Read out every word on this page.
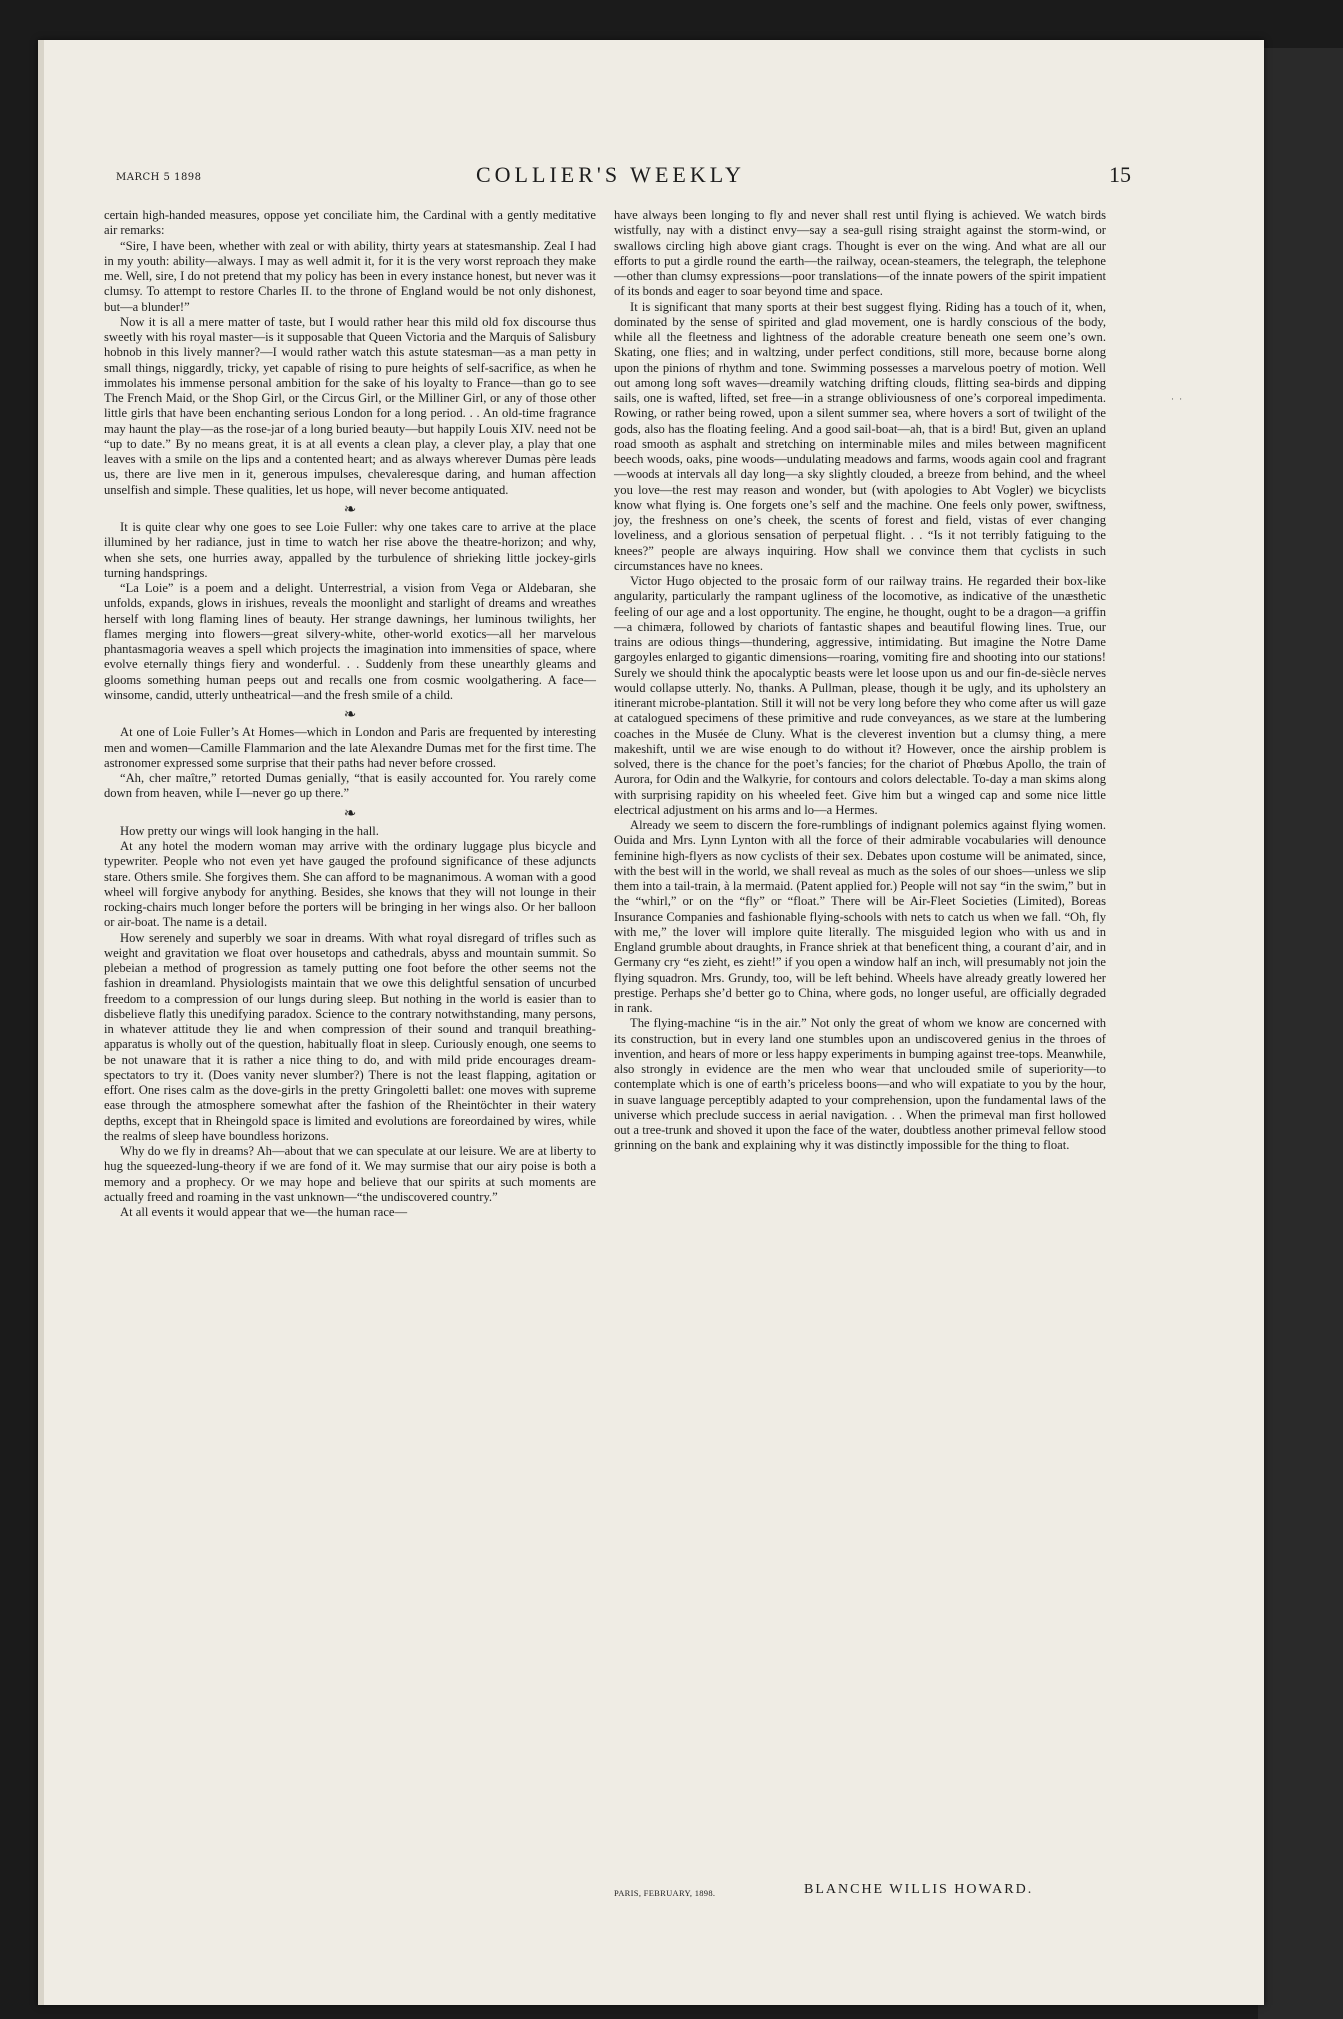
MARCH 5 1898	COLLIER'S WEEKLY	15

certain high-handed measures, oppose yet conciliate him, the Cardinal with a gently meditative air remarks:

“Sire, I have been, whether with zeal or with ability, thirty years at statesmanship. Zeal I had in my youth: ability—always. I may as well admit it, for it is the very worst reproach they make me. Well, sire, I do not pretend that my policy has been in every instance honest, but never was it clumsy. To attempt to restore Charles II. to the throne of England would be not only dishonest, but—a blunder!”

Now it is all a mere matter of taste, but I would rather hear this mild old fox discourse thus sweetly with his royal master—is it supposable that Queen Victoria and the Marquis of Salisbury hobnob in this lively manner?—I would rather watch this astute statesman—as a man petty in small things, niggardly, tricky, yet capable of rising to pure heights of self-sacrifice, as when he immolates his immense personal ambition for the sake of his loyalty to France—than go to see The French Maid, or the Shop Girl, or the Circus Girl, or the Milliner Girl, or any of those other little girls that have been enchanting serious London for a long period. . . An old-time fragrance may haunt the play—as the rose-jar of a long buried beauty—but happily Louis XIV. need not be “up to date.” By no means great, it is at all events a clean play, a clever play, a play that one leaves with a smile on the lips and a contented heart; and as always wherever Dumas père leads us, there are live men in it, generous impulses, chevaleresque daring, and human affection unselfish and simple. These qualities, let us hope, will never become antiquated.

❧

It is quite clear why one goes to see Loie Fuller: why one takes care to arrive at the place illumined by her radiance, just in time to watch her rise above the theatre-horizon; and why, when she sets, one hurries away, appalled by the turbulence of shrieking little jockey-girls turning handsprings.

“La Loie” is a poem and a delight. Unterrestrial, a vision from Vega or Aldebaran, she unfolds, expands, glows in irishues, reveals the moonlight and starlight of dreams and wreathes herself with long flaming lines of beauty. Her strange dawnings, her luminous twilights, her flames merging into flowers—great silvery-white, other-world exotics—all her marvelous phantasmagoria weaves a spell which projects the imagination into immensities of space, where evolve eternally things fiery and wonderful. . . Suddenly from these unearthly gleams and glooms something human peeps out and recalls one from cosmic woolgathering. A face—winsome, candid, utterly untheatrical—and the fresh smile of a child.

❧

At one of Loie Fuller’s At Homes—which in London and Paris are frequented by interesting men and women—Camille Flammarion and the late Alexandre Dumas met for the first time. The astronomer expressed some surprise that their paths had never before crossed.

“Ah, cher maître,” retorted Dumas genially, “that is easily accounted for. You rarely come down from heaven, while I—never go up there.”

❧

How pretty our wings will look hanging in the hall.

At any hotel the modern woman may arrive with the ordinary luggage plus bicycle and typewriter. People who not even yet have gauged the profound significance of these adjuncts stare. Others smile. She forgives them. She can afford to be magnanimous. A woman with a good wheel will forgive anybody for anything. Besides, she knows that they will not lounge in their rocking-chairs much longer before the porters will be bringing in her wings also. Or her balloon or air-boat. The name is a detail.

How serenely and superbly we soar in dreams. With what royal disregard of trifles such as weight and gravitation we float over housetops and cathedrals, abyss and mountain summit. So plebeian a method of progression as tamely putting one foot before the other seems not the fashion in dreamland. Physiologists maintain that we owe this delightful sensation of uncurbed freedom to a compression of our lungs during sleep. But nothing in the world is easier than to disbelieve flatly this unedifying paradox. Science to the contrary notwithstanding, many persons, in whatever attitude they lie and when compression of their sound and tranquil breathing-apparatus is wholly out of the question, habitually float in sleep. Curiously enough, one seems to be not unaware that it is rather a nice thing to do, and with mild pride encourages dream-spectators to try it. (Does vanity never slumber?) There is not the least flapping, agitation or effort. One rises calm as the dove-girls in the pretty Gringoletti ballet: one moves with supreme ease through the atmosphere somewhat after the fashion of the Rheintöchter in their watery depths, except that in Rheingold space is limited and evolutions are foreordained by wires, while the realms of sleep have boundless horizons.

Why do we fly in dreams? Ah—about that we can speculate at our leisure. We are at liberty to hug the squeezed-lung-theory if we are fond of it. We may surmise that our airy poise is both a memory and a prophecy. Or we may hope and believe that our spirits at such moments are actually freed and roaming in the vast unknown—“the undiscovered country.”

At all events it would appear that we—the human race—

have always been longing to fly and never shall rest until flying is achieved. We watch birds wistfully, nay with a distinct envy—say a sea-gull rising straight against the storm-wind, or swallows circling high above giant crags. Thought is ever on the wing. And what are all our efforts to put a girdle round the earth—the railway, ocean-steamers, the telegraph, the telephone—other than clumsy expressions—poor translations—of the innate powers of the spirit impatient of its bonds and eager to soar beyond time and space.

It is significant that many sports at their best suggest flying. Riding has a touch of it, when, dominated by the sense of spirited and glad movement, one is hardly conscious of the body, while all the fleetness and lightness of the adorable creature beneath one seem one’s own. Skating, one flies; and in waltzing, under perfect conditions, still more, because borne along upon the pinions of rhythm and tone. Swimming possesses a marvelous poetry of motion. Well out among long soft waves—dreamily watching drifting clouds, flitting sea-birds and dipping sails, one is wafted, lifted, set free—in a strange obliviousness of one’s corporeal impedimenta. Rowing, or rather being rowed, upon a silent summer sea, where hovers a sort of twilight of the gods, also has the floating feeling. And a good sail-boat—ah, that is a bird! But, given an upland road smooth as asphalt and stretching on interminable miles and miles between magnificent beech woods, oaks, pine woods—undulating meadows and farms, woods again cool and fragrant—woods at intervals all day long—a sky slightly clouded, a breeze from behind, and the wheel you love—the rest may reason and wonder, but (with apologies to Abt Vogler) we bicyclists know what flying is. One forgets one’s self and the machine. One feels only power, swiftness, joy, the freshness on one’s cheek, the scents of forest and field, vistas of ever changing loveliness, and a glorious sensation of perpetual flight. . . “Is it not terribly fatiguing to the knees?” people are always inquiring. How shall we convince them that cyclists in such circumstances have no knees.

Victor Hugo objected to the prosaic form of our railway trains. He regarded their box-like angularity, particularly the rampant ugliness of the locomotive, as indicative of the unæsthetic feeling of our age and a lost opportunity. The engine, he thought, ought to be a dragon—a griffin—a chimæra, followed by chariots of fantastic shapes and beautiful flowing lines. True, our trains are odious things—thundering, aggressive, intimidating. But imagine the Notre Dame gargoyles enlarged to gigantic dimensions—roaring, vomiting fire and shooting into our stations! Surely we should think the apocalyptic beasts were let loose upon us and our fin-de-siècle nerves would collapse utterly. No, thanks. A Pullman, please, though it be ugly, and its upholstery an itinerant microbe-plantation. Still it will not be very long before they who come after us will gaze at catalogued specimens of these primitive and rude conveyances, as we stare at the lumbering coaches in the Musée de Cluny. What is the cleverest invention but a clumsy thing, a mere makeshift, until we are wise enough to do without it? However, once the airship problem is solved, there is the chance for the poet’s fancies; for the chariot of Phœbus Apollo, the train of Aurora, for Odin and the Walkyrie, for contours and colors delectable. To-day a man skims along with surprising rapidity on his wheeled feet. Give him but a winged cap and some nice little electrical adjustment on his arms and lo—a Hermes.

Already we seem to discern the fore-rumblings of indignant polemics against flying women. Ouida and Mrs. Lynn Lynton with all the force of their admirable vocabularies will denounce feminine high-flyers as now cyclists of their sex. Debates upon costume will be animated, since, with the best will in the world, we shall reveal as much as the soles of our shoes—unless we slip them into a tail-train, à la mermaid. (Patent applied for.) People will not say “in the swim,” but in the “whirl,” or on the “fly” or “float.” There will be Air-Fleet Societies (Limited), Boreas Insurance Companies and fashionable flying-schools with nets to catch us when we fall. “Oh, fly with me,” the lover will implore quite literally. The misguided legion who with us and in England grumble about draughts, in France shriek at that beneficent thing, a courant d’air, and in Germany cry “es zieht, es zieht!” if you open a window half an inch, will presumably not join the flying squadron. Mrs. Grundy, too, will be left behind. Wheels have already greatly lowered her prestige. Perhaps she’d better go to China, where gods, no longer useful, are officially degraded in rank.

The flying-machine “is in the air.” Not only the great of whom we know are concerned with its construction, but in every land one stumbles upon an undiscovered genius in the throes of invention, and hears of more or less happy experiments in bumping against tree-tops. Meanwhile, also strongly in evidence are the men who wear that unclouded smile of superiority—to contemplate which is one of earth’s priceless boons—and who will expatiate to you by the hour, in suave language perceptibly adapted to your comprehension, upon the fundamental laws of the universe which preclude success in aerial navigation. . . When the primeval man first hollowed out a tree-trunk and shoved it upon the face of the water, doubtless another primeval fellow stood grinning on the bank and explaining why it was distinctly impossible for the thing to float.

PARIS, FEBRUARY, 1898.	BLANCHE WILLIS HOWARD.
˙ ˙
